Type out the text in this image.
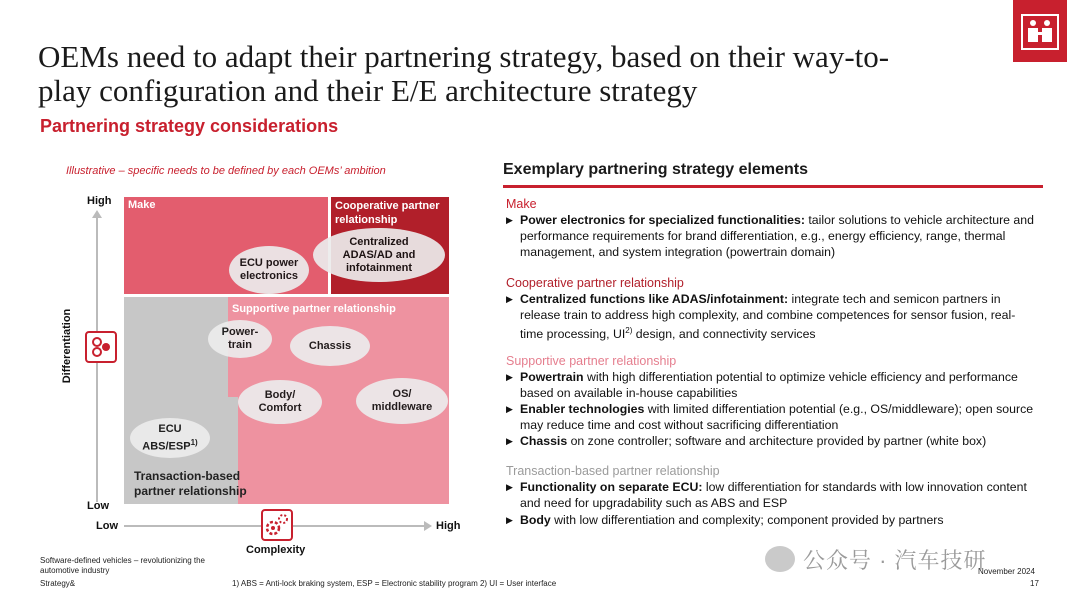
OEMs need to adapt their partnering strategy, based on their way-to-play configuration and their E/E architecture strategy
Partnering strategy considerations
Illustrative – specific needs to be defined by each OEMs’ ambition
High
Low
Low	High
Differentiation
Complexity
Make	Cooperative partner relationship
Supportive partner relationship
Transaction-based partner relationship
ECU power electronics
Centralized ADAS/AD and infotainment
Power-train	Chassis
Body/ Comfort
OS/ middleware
ECU ABS/ESP$^{1)}$
Exemplary partnering strategy elements
Make
▶ Power electronics for specialized functionalities: tailor solutions to vehicle architecture and performance requirements for brand differentiation, e.g., energy efficiency, range, thermal management, and system integration (powertrain domain)
Cooperative partner relationship
▶ Centralized functions like ADAS/infotainment: integrate tech and semicon partners in release train to address high complexity, and combine competences for sensor fusion, real-time processing, UI$^{2)}$ design, and connectivity services
Supportive partner relationship
▶ Powertrain with high differentiation potential to optimize vehicle efficiency and performance based on available in-house capabilities
▶ Enabler technologies with limited differentiation potential (e.g., OS/middleware); open source may reduce time and cost without sacrificing differentiation
▶ Chassis on zone controller; software and architecture provided by partner (white box)
Transaction-based partner relationship
▶ Functionality on separate ECU: low differentiation for standards with low innovation content and need for upgradability such as ABS and ESP
▶ Body with low differentiation and complexity; component provided by partners
Software-defined vehicles – revolutionizing the automotive industry
Strategy&	1) ABS = Anti-lock braking system, ESP = Electronic stability program 2) UI = User interface
November 2024
17
公众号 · 汽车技研
